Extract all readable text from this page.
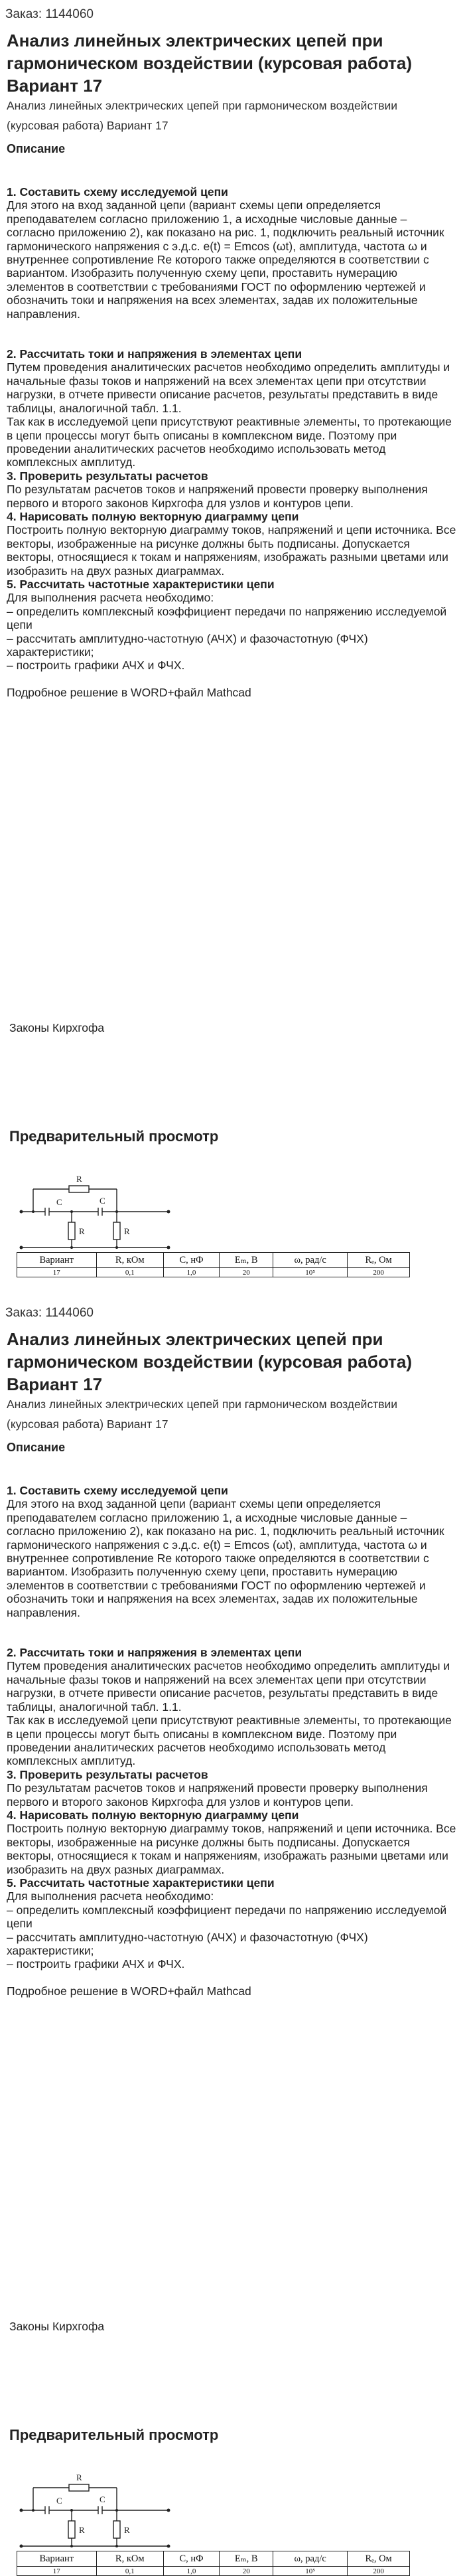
Заказ: 1144060
Анализ линейных электрических цепей при гармоническом воздействии (курсовая работа) Вариант 17
Анализ линейных электрических цепей при гармоническом воздействии (курсовая работа) Вариант 17
Описание

1. Составить схему исследуемой цепи

Для этого на вход заданной цепи (вариант схемы цепи определяется преподавателем согласно приложению 1, а исходные числовые данные – согласно приложению 2), как показано на рис. 1, подключить реальный источник гармонического напряжения с э.д.с. e(t) = Emcos (ωt), амплитуда, частота ω и внутреннее сопротивление Re которого также определяются в соответствии с вариантом. Изобразить полученную схему цепи, проставить нумерацию элементов в соответствии с требованиями ГОСТ по оформлению чертежей и обозначить токи и напряжения на всех элементах, задав их положительные направления.

2. Рассчитать токи и напряжения в элементах цепи

Путем проведения аналитических расчетов необходимо определить амплитуды и начальные фазы токов и напряжений на всех элементах цепи при отсутствии нагрузки, в отчете привести описание расчетов, результаты представить в виде таблицы, аналогичной табл. 1.1.

Так как в исследуемой цепи присутствуют реактивные элементы, то протекающие в цепи процессы могут быть описаны в комплексном виде. Поэтому при проведении аналитических расчетов необходимо использовать метод комплексных амплитуд.

3. Проверить результаты расчетов

По результатам расчетов токов и напряжений провести проверку выполнения первого и второго законов Кирхгофа для узлов и контуров цепи.

4. Нарисовать полную векторную диаграмму цепи

Построить полную векторную диаграмму токов, напряжений и цепи источника. Все векторы, изображенные на рисунке должны быть подписаны. Допускается векторы, относящиеся к токам и напряжениям, изображать разными цветами или изобразить на двух разных диаграммах.

5. Рассчитать частотные характеристики цепи

Для выполнения расчета необходимо:

– определить комплексный коэффициент передачи по напряжению исследуемой цепи

– рассчитать амплитудно-частотную (АЧХ) и фазочастотную (ФЧХ) характеристики;

– построить графики АЧХ и ФЧХ.

Подробное решение в WORD+файл Mathcad

Законы Кирхгофа
Предварительный просмотр
R
C	C
R	R
Вариант	R, кОм	C, нФ	Eₘ, В	ω, рад/с	Rₑ, Ом
17	0,1	1,0	20	10⁵	200
Заказ: 1144060
Анализ линейных электрических цепей при гармоническом воздействии (курсовая работа) Вариант 17
Анализ линейных электрических цепей при гармоническом воздействии (курсовая работа) Вариант 17
Описание

1. Составить схему исследуемой цепи

Для этого на вход заданной цепи (вариант схемы цепи определяется преподавателем согласно приложению 1, а исходные числовые данные – согласно приложению 2), как показано на рис. 1, подключить реальный источник гармонического напряжения с э.д.с. e(t) = Emcos (ωt), амплитуда, частота ω и внутреннее сопротивление Re которого также определяются в соответствии с вариантом. Изобразить полученную схему цепи, проставить нумерацию элементов в соответствии с требованиями ГОСТ по оформлению чертежей и обозначить токи и напряжения на всех элементах, задав их положительные направления.

2. Рассчитать токи и напряжения в элементах цепи

Путем проведения аналитических расчетов необходимо определить амплитуды и начальные фазы токов и напряжений на всех элементах цепи при отсутствии нагрузки, в отчете привести описание расчетов, результаты представить в виде таблицы, аналогичной табл. 1.1.

Так как в исследуемой цепи присутствуют реактивные элементы, то протекающие в цепи процессы могут быть описаны в комплексном виде. Поэтому при проведении аналитических расчетов необходимо использовать метод комплексных амплитуд.

3. Проверить результаты расчетов

По результатам расчетов токов и напряжений провести проверку выполнения первого и второго законов Кирхгофа для узлов и контуров цепи.

4. Нарисовать полную векторную диаграмму цепи

Построить полную векторную диаграмму токов, напряжений и цепи источника. Все векторы, изображенные на рисунке должны быть подписаны. Допускается векторы, относящиеся к токам и напряжениям, изображать разными цветами или изобразить на двух разных диаграммах.

5. Рассчитать частотные характеристики цепи

Для выполнения расчета необходимо:

– определить комплексный коэффициент передачи по напряжению исследуемой цепи

– рассчитать амплитудно-частотную (АЧХ) и фазочастотную (ФЧХ) характеристики;

– построить графики АЧХ и ФЧХ.

Подробное решение в WORD+файл Mathcad

Законы Кирхгофа
Предварительный просмотр
R
C	C
R	R
Вариант	R, кОм	C, нФ	Eₘ, В	ω, рад/с	Rₑ, Ом
17	0,1	1,0	20	10⁵	200
